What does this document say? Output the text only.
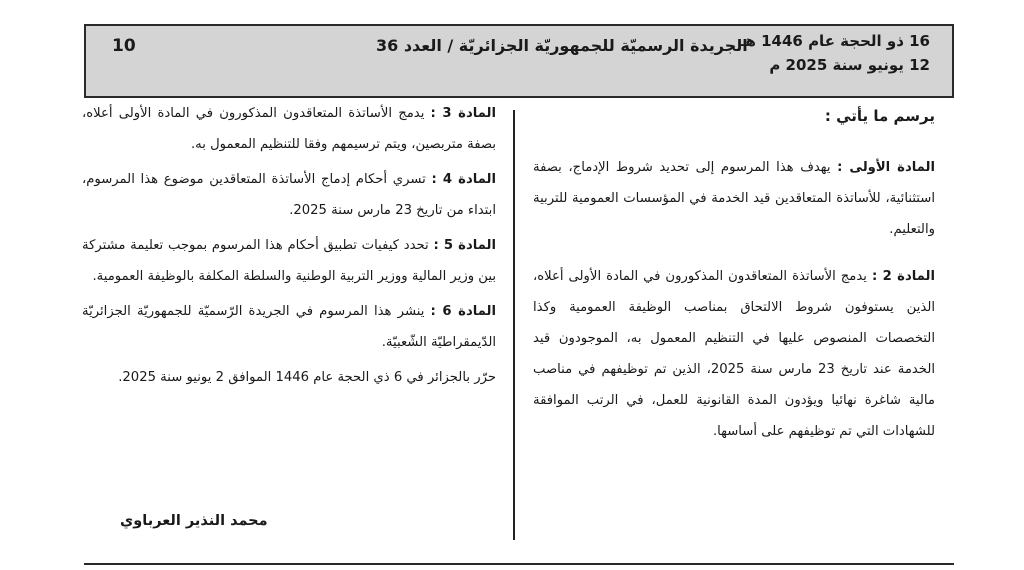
10	الجريدة الرسميّة للجمهوريّة الجزائريّة / العدد 36
16 ذو الحجة عام 1446 هـ
12 يونيو سنة 2025 م

يرسم ما يأتي :

المادة الأولى : يهدف هذا المرسوم إلى تحديد شروط الإدماج، بصفة استثنائية، للأساتذة المتعاقدين قيد الخدمة في المؤسسات العمومية للتربية والتعليم.

المادة 2 : يدمج الأساتذة المتعاقدون المذكورون في المادة الأولى أعلاه، الذين يستوفون شروط الالتحاق بمناصب الوظيفة العمومية وكذا التخصصات المنصوص عليها في التنظيم المعمول به، الموجودون قيد الخدمة عند تاريخ 23 مارس سنة 2025، الذين تم توظيفهم في مناصب مالية شاغرة نهائيا ويؤدون المدة القانونية للعمل، في الرتب الموافقة للشهادات التي تم توظيفهم على أساسها.

المادة 3 : يدمج الأساتذة المتعاقدون المذكورون في المادة الأولى أعلاه، بصفة متربصين، ويتم ترسيمهم وفقا للتنظيم المعمول به.

المادة 4 : تسري أحكام إدماج الأساتذة المتعاقدين موضوع هذا المرسوم، ابتداء من تاريخ 23 مارس سنة 2025.

المادة 5 : تحدد كيفيات تطبيق أحكام هذا المرسوم بموجب تعليمة مشتركة بين وزير المالية ووزير التربية الوطنية والسلطة المكلفة بالوظيفة العمومية.

المادة 6 : ينشر هذا المرسوم في الجريدة الرّسميّة للجمهوريّة الجزائريّة الدّيمقراطيّة الشّعبيّة.

حرّر بالجزائر في 6 ذي الحجة عام 1446 الموافق 2 يونيو سنة 2025.

محمد النذير العرباوي
